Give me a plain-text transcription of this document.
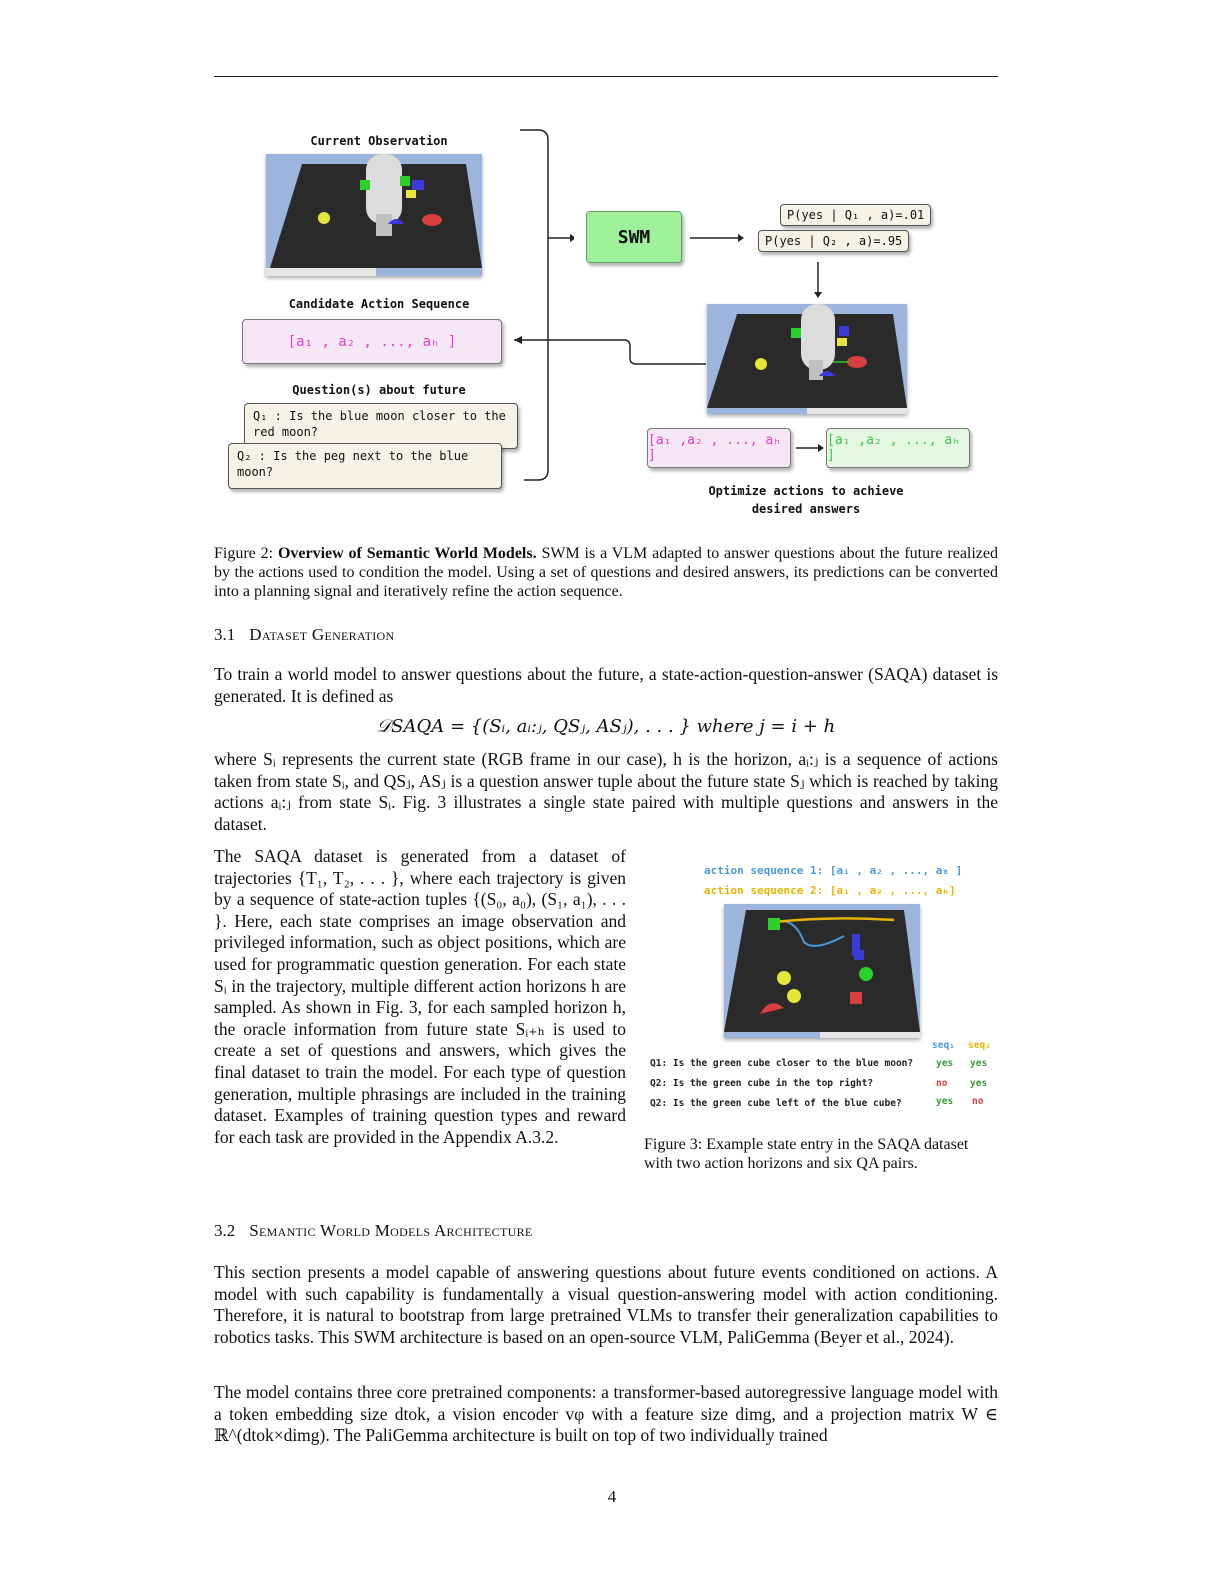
Current Observation
Candidate Action Sequence
[a₁ , a₂ , ..., aₕ ]
Question(s) about future
Q₁ : Is the blue moon closer to the red moon?
Q₂ : Is the peg next to the blue moon?
SWM
P(yes | Q₁ , a)=.01
P(yes | Q₂ , a)=.95
[a₁ ,a₂ , ..., aₕ ]
[a₁ ,a₂ , ..., aₕ ]
Optimize actions to achieve desired answers
Figure 2: Overview of Semantic World Models. SWM is a VLM adapted to answer questions about the future realized by the actions used to condition the model. Using a set of questions and desired answers, its predictions can be converted into a planning signal and iteratively refine the action sequence.
3.1 Dataset Generation
To train a world model to answer questions about the future, a state-action-question-answer (SAQA) dataset is generated. It is defined as
𝒟SAQA = {(Sᵢ, aᵢ:ⱼ, QSⱼ, ASⱼ), . . . } where j = i + h
where Sᵢ represents the current state (RGB frame in our case), h is the horizon, aᵢ:ⱼ is a sequence of actions taken from state Sᵢ, and QSⱼ, ASⱼ is a question answer tuple about the future state Sⱼ which is reached by taking actions aᵢ:ⱼ from state Sᵢ. Fig. 3 illustrates a single state paired with multiple questions and answers in the dataset.
The SAQA dataset is generated from a dataset of trajectories {T₁, T₂, . . . }, where each trajectory is given by a sequence of state-action tuples {(S₀, a₀), (S₁, a₁), . . . }. Here, each state comprises an image observation and privileged information, such as object positions, which are used for programmatic question generation. For each state Sᵢ in the trajectory, multiple different action horizons h are sampled. As shown in Fig. 3, for each sampled horizon h, the oracle information from future state Sᵢ₊ₕ is used to create a set of questions and answers, which gives the final dataset to train the model. For each type of question generation, multiple phrasings are included in the training dataset. Examples of training question types and reward for each task are provided in the Appendix A.3.2.
action sequence 1: [a₁ , a₂ , ..., a₈ ]
action sequence 2: [a₁ , a₂ , ..., aₕ]
seq₁ seq₂
Q1: Is the green cube closer to the blue moon? yes yes
Q2: Is the green cube in the top right?	no yes
Q2: Is the green cube left of the blue cube?	yes no
Figure 3: Example state entry in the SAQA dataset with two action horizons and six QA pairs.
3.2 Semantic World Models Architecture
This section presents a model capable of answering questions about future events conditioned on actions. A model with such capability is fundamentally a visual question-answering model with action conditioning. Therefore, it is natural to bootstrap from large pretrained VLMs to transfer their generalization capabilities to robotics tasks. This SWM architecture is based on an open-source VLM, PaliGemma (Beyer et al., 2024).
The model contains three core pretrained components: a transformer-based autoregressive language model with a token embedding size dtok, a vision encoder vφ with a feature size dimg, and a projection matrix W ∈ ℝ^(dtok×dimg). The PaliGemma architecture is built on top of two individually trained
4
